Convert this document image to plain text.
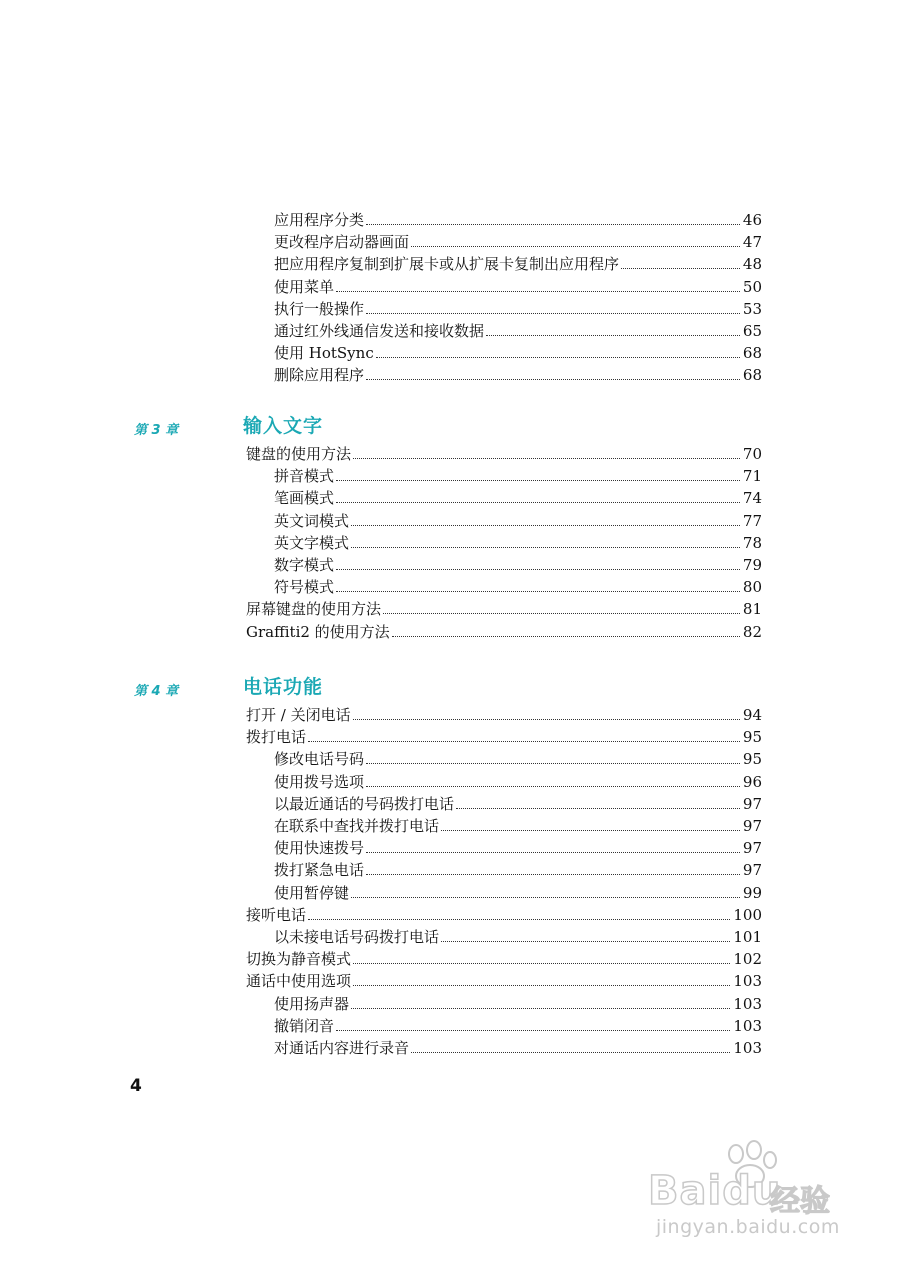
应用程序分类	46
更改程序启动器画面	47
把应用程序复制到扩展卡或从扩展卡复制出应用程序	48
使用菜单	50
执行一般操作	53
通过红外线通信发送和接收数据	65
使用 HotSync	68
删除应用程序	68
第 3 章	输入文字
键盘的使用方法	70
拼音模式	71
笔画模式	74
英文词模式	77
英文字模式	78
数字模式	79
符号模式	80
屏幕键盘的使用方法	81
Graffiti2 的使用方法	82
第 4 章	电话功能
打开 / 关闭电话	94
拨打电话	95
修改电话号码	95
使用拨号选项	96
以最近通话的号码拨打电话	97
在联系中查找并拨打电话	97
使用快速拨号	97
拨打紧急电话	97
使用暂停键	99
接听电话	100
以未接电话号码拨打电话	101
切换为静音模式	102
通话中使用选项	103
使用扬声器	103
撤销闭音	103
对通话内容进行录音	103
4
Baidu
经验
jingyan.baidu.com
